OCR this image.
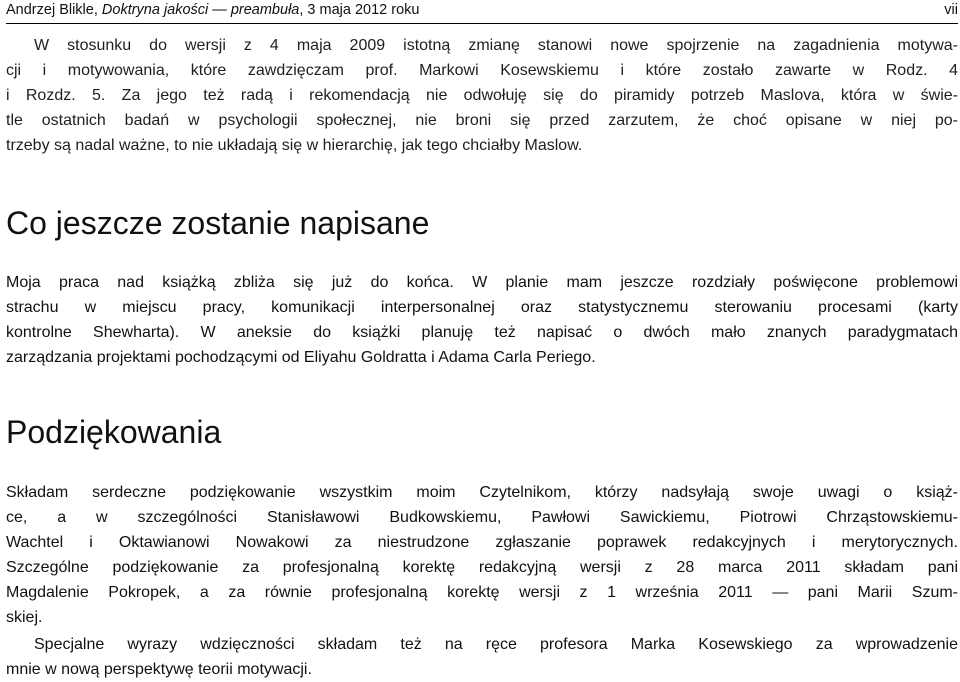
Andrzej Blikle, Doktryna jakości — preambuła, 3 maja 2012 roku	vii
W stosunku do wersji z 4 maja 2009 istotną zmianę stanowi nowe spojrzenie na zagadnienia motywa-
cji i motywowania, które zawdzięczam prof. Markowi Kosewskiemu i które zostało zawarte w Rodz. 4
i Rozdz. 5. Za jego też radą i rekomendacją nie odwołuję się do piramidy potrzeb Maslova, która w świe-
tle ostatnich badań w psychologii społecznej, nie broni się przed zarzutem, że choć opisane w niej po-
trzeby są nadal ważne, to nie układają się w hierarchię, jak tego chciałby Maslow.
Co jeszcze zostanie napisane
Moja praca nad książką zbliża się już do końca. W planie mam jeszcze rozdziały poświęcone problemowi
strachu w miejscu pracy, komunikacji interpersonalnej oraz statystycznemu sterowaniu procesami (karty
kontrolne Shewharta). W aneksie do książki planuję też napisać o dwóch mało znanych paradygmatach
zarządzania projektami pochodzącymi od Eliyahu Goldratta i Adama Carla Periego.
Podziękowania
Składam serdeczne podziękowanie wszystkim moim Czytelnikom, którzy nadsyłają swoje uwagi o książ-
ce, a w szczególności Stanisławowi Budkowskiemu, Pawłowi Sawickiemu, Piotrowi Chrząstowskiemu-
Wachtel i Oktawianowi Nowakowi za niestrudzone zgłaszanie poprawek redakcyjnych i merytorycznych.
Szczególne podziękowanie za profesjonalną korektę redakcyjną wersji z 28 marca 2011 składam pani
Magdalenie Pokropek, a za równie profesjonalną korektę wersji z 1 września 2011 — pani Marii Szum-
skiej.
Specjalne wyrazy wdzięczności składam też na ręce profesora Marka Kosewskiego za wprowadzenie
mnie w nową perspektywę teorii motywacji.
